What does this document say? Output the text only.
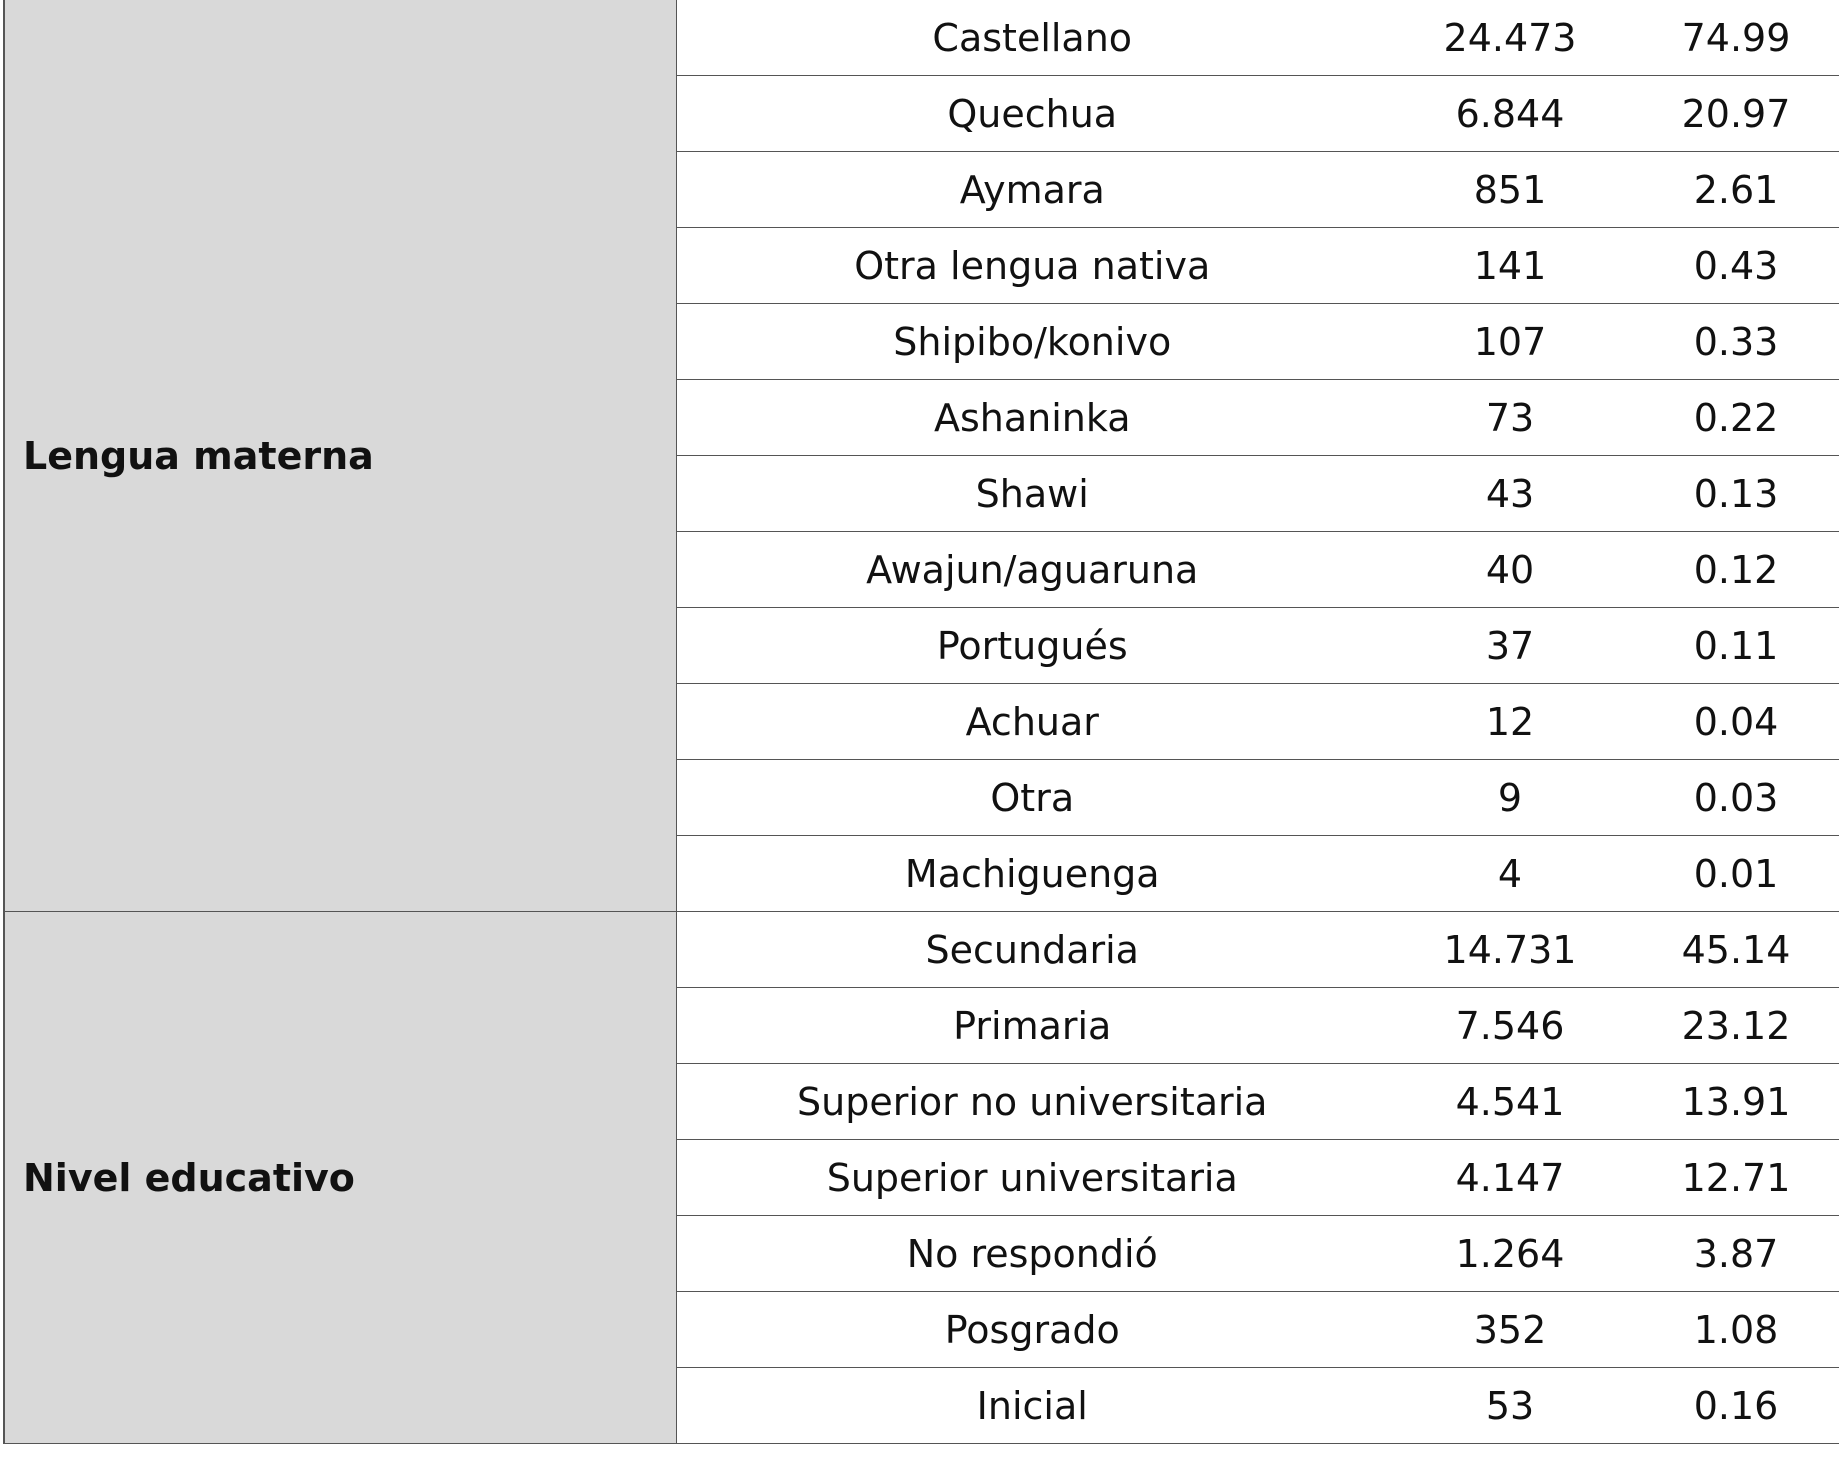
Lengua materna	Castellano	24.473	74.99
	Quechua	6.844	20.97
	Aymara	851	2.61
	Otra lengua nativa	141	0.43
	Shipibo/konivo	107	0.33
	Ashaninka	73	0.22
	Shawi	43	0.13
	Awajun/aguaruna	40	0.12
	Portugués	37	0.11
	Achuar	12	0.04
	Otra	9	0.03
	Machiguenga	4	0.01
Nivel educativo	Secundaria	14.731	45.14
	Primaria	7.546	23.12
	Superior no universitaria	4.541	13.91
	Superior universitaria	4.147	12.71
	No respondió	1.264	3.87
	Posgrado	352	1.08
	Inicial	53	0.16
